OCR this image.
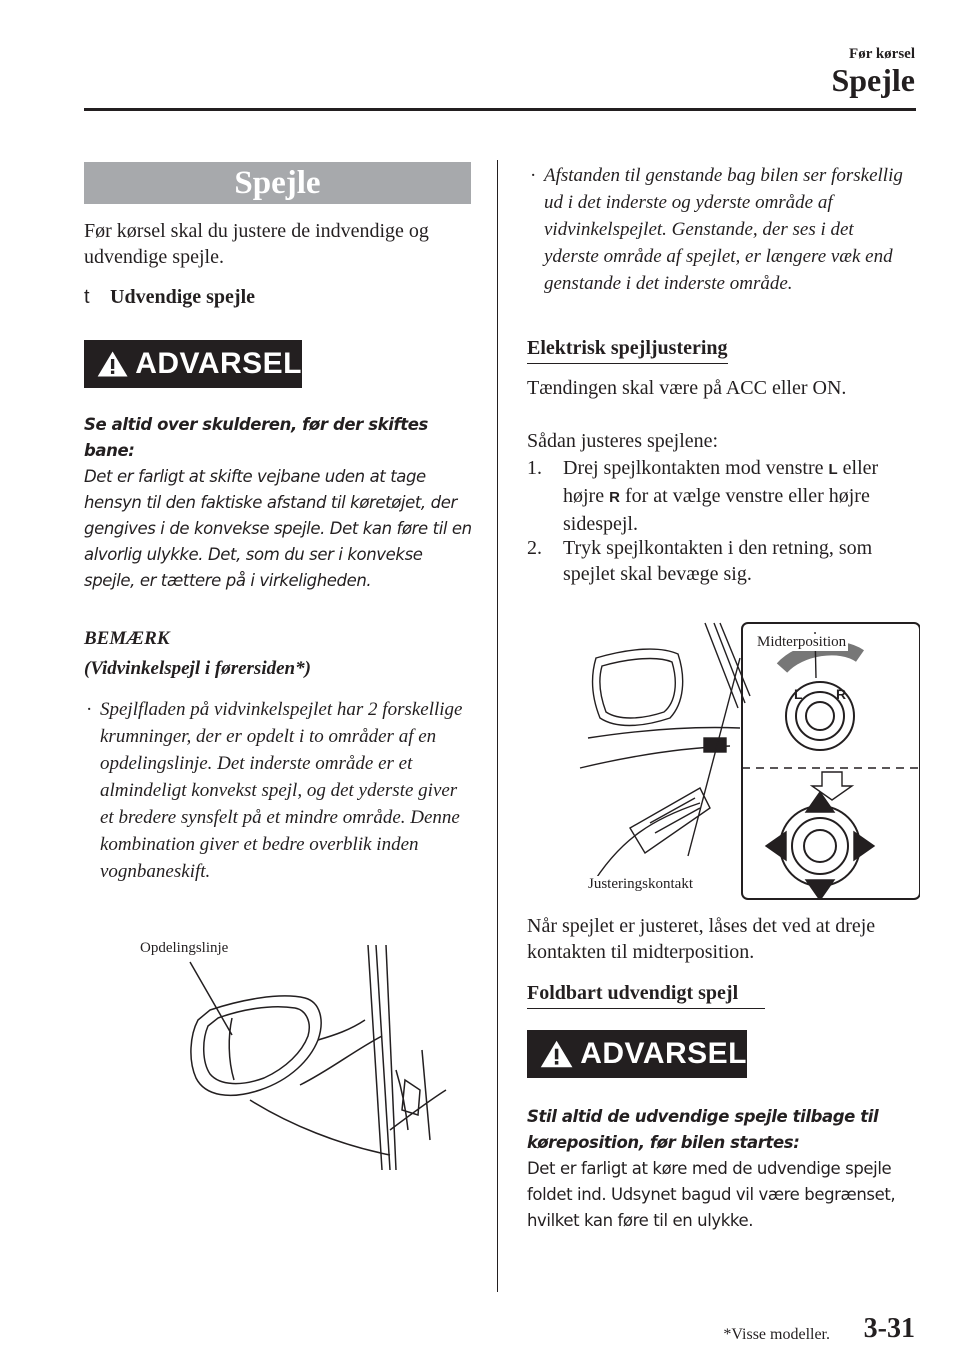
Før kørsel
Spejle
Spejle
Før kørsel skal du justere de indvendige og udvendige spejle.
t	Udvendige spejle
ADVARSEL
Se altid over skulderen, før der skiftes bane:
Det er farligt at skifte vejbane uden at tage hensyn til den faktiske afstand til køretøjet, der gengives i de konvekse spejle. Det kan føre til en alvorlig ulykke. Det, som du ser i konvekse spejle, er tættere på i virkeligheden.
BEMÆRK
(Vidvinkelspejl i førersiden*)
· Spejlfladen på vidvinkelspejlet har 2 forskellige krumninger, der er opdelt i to områder af en opdelingslinje. Det inderste område er et almindeligt konvekst spejl, og det yderste giver et bredere synsfelt på et mindre område. Denne kombination giver et bedre overblik inden vognbaneskift.
Opdelingslinje
· Afstanden til genstande bag bilen ser forskellig ud i det inderste og yderste område af vidvinkelspejlet. Genstande, der ses i det yderste område af spejlet, er længere væk end genstande i det inderste område.
Elektrisk spejljustering
Tændingen skal være på ACC eller ON.
Sådan justeres spejlene:
1.	Drej spejlkontakten mod venstre L eller højre R for at vælge venstre eller højre sidespejl.
2.	Tryk spejlkontakten i den retning, som spejlet skal bevæge sig.
L R
Midterposition
Justeringskontakt
Når spejlet er justeret, låses det ved at dreje kontakten til midterposition.
Foldbart udvendigt spejl
ADVARSEL
Stil altid de udvendige spejle tilbage til køreposition, før bilen startes:
Det er farligt at køre med de udvendige spejle foldet ind. Udsynet bagud vil være begrænset, hvilket kan føre til en ulykke.
*Visse modeller. 3-31
